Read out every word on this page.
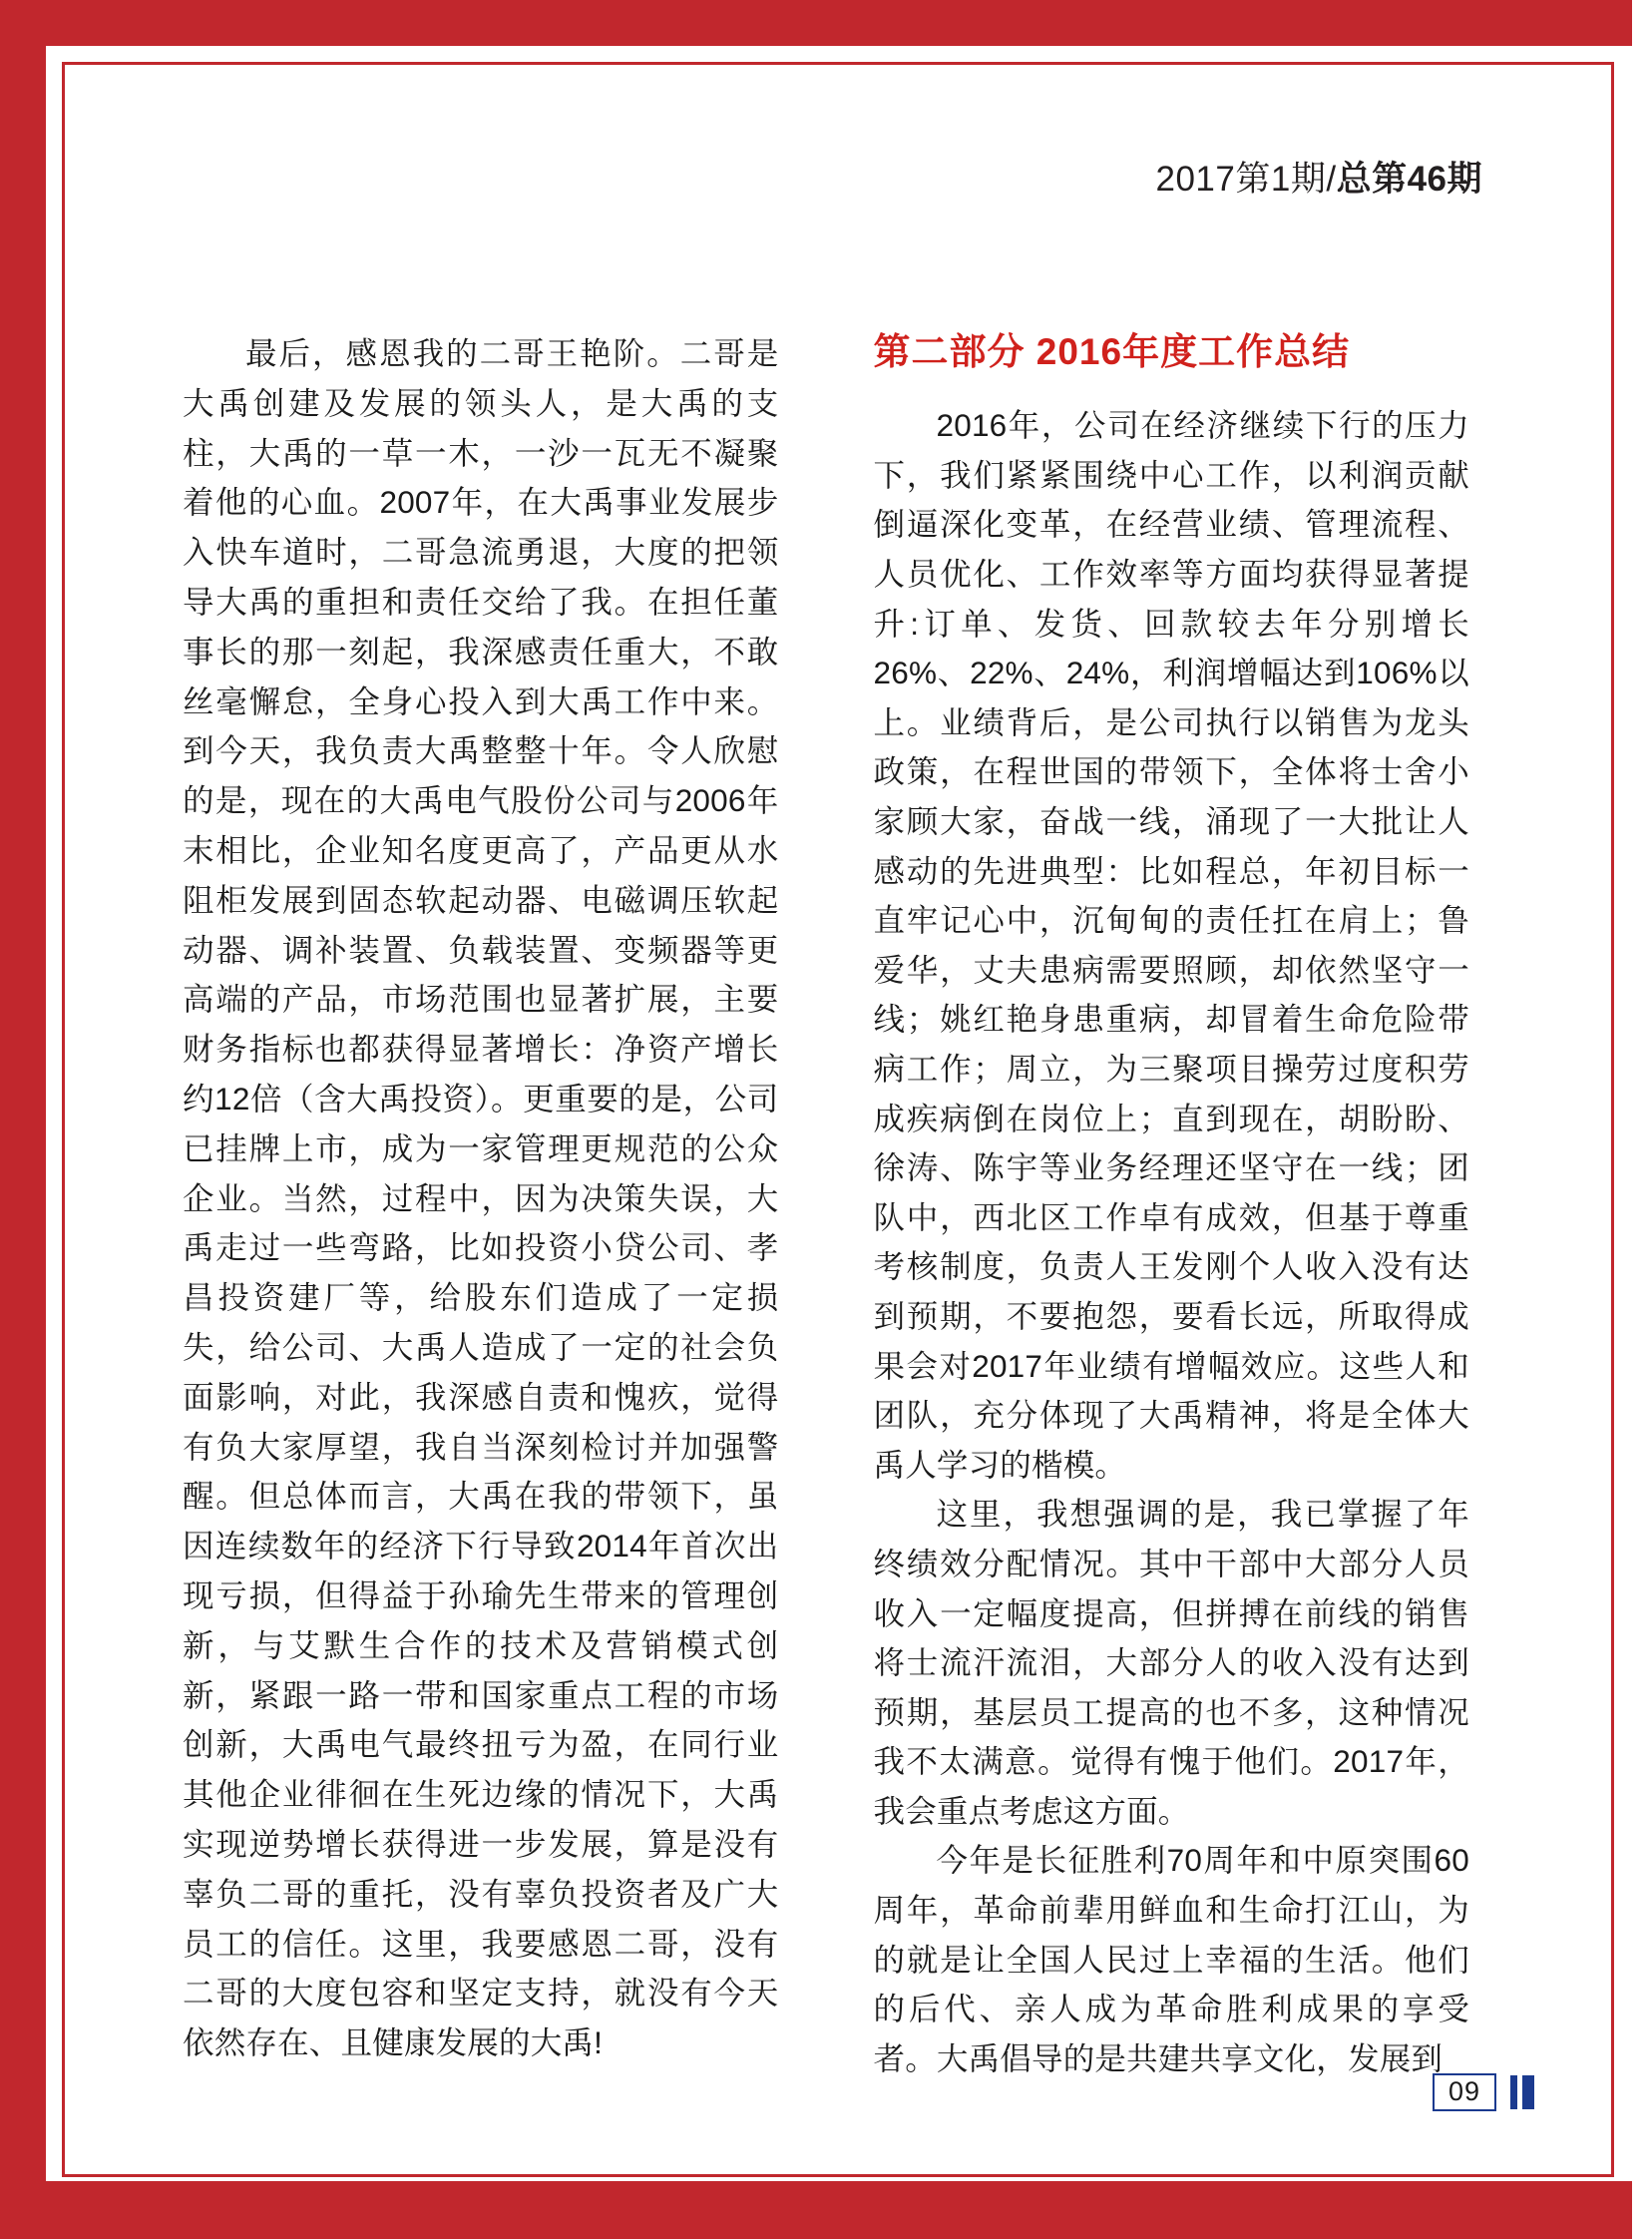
2017第1期/总第46期

最后，感恩我的二哥王艳阶。二哥是大禹创建及发展的领头人，是大禹的支柱，大禹的一草一木，一沙一瓦无不凝聚着他的心血。2007年，在大禹事业发展步入快车道时，二哥急流勇退，大度的把领导大禹的重担和责任交给了我。在担任董事长的那一刻起，我深感责任重大，不敢丝毫懈怠，全身心投入到大禹工作中来。到今天，我负责大禹整整十年。令人欣慰的是，现在的大禹电气股份公司与2006年末相比，企业知名度更高了，产品更从水阻柜发展到固态软起动器、电磁调压软起动器、调补装置、负载装置、变频器等更高端的产品，市场范围也显著扩展，主要财务指标也都获得显著增长：净资产增长约12倍（含大禹投资）。更重要的是，公司已挂牌上市，成为一家管理更规范的公众企业。当然，过程中，因为决策失误，大禹走过一些弯路，比如投资小贷公司、孝昌投资建厂等，给股东们造成了一定损失，给公司、大禹人造成了一定的社会负面影响，对此，我深感自责和愧疚，觉得有负大家厚望，我自当深刻检讨并加强警醒。但总体而言，大禹在我的带领下，虽因连续数年的经济下行导致2014年首次出现亏损，但得益于孙瑜先生带来的管理创新，与艾默生合作的技术及营销模式创新，紧跟一路一带和国家重点工程的市场创新，大禹电气最终扭亏为盈，在同行业其他企业徘徊在生死边缘的情况下，大禹实现逆势增长获得进一步发展，算是没有辜负二哥的重托，没有辜负投资者及广大员工的信任。这里，我要感恩二哥，没有二哥的大度包容和坚定支持，就没有今天依然存在、且健康发展的大禹!

第二部分 2016年度工作总结

2016年，公司在经济继续下行的压力下，我们紧紧围绕中心工作，以利润贡献倒逼深化变革，在经营业绩、管理流程、人员优化、工作效率等方面均获得显著提升:订单、发货、回款较去年分别增长26%、22%、24%，利润增幅达到106%以上。业绩背后，是公司执行以销售为龙头政策，在程世国的带领下，全体将士舍小家顾大家，奋战一线，涌现了一大批让人感动的先进典型：比如程总，年初目标一直牢记心中，沉甸甸的责任扛在肩上；鲁爱华，丈夫患病需要照顾，却依然坚守一线；姚红艳身患重病，却冒着生命危险带病工作；周立，为三聚项目操劳过度积劳成疾病倒在岗位上；直到现在，胡盼盼、徐涛、陈宇等业务经理还坚守在一线；团队中，西北区工作卓有成效，但基于尊重考核制度，负责人王发刚个人收入没有达到预期，不要抱怨，要看长远，所取得成果会对2017年业绩有增幅效应。这些人和团队，充分体现了大禹精神，将是全体大禹人学习的楷模。

这里，我想强调的是，我已掌握了年终绩效分配情况。其中干部中大部分人员收入一定幅度提高，但拼搏在前线的销售将士流汗流泪，大部分人的收入没有达到预期，基层员工提高的也不多，这种情况我不太满意。觉得有愧于他们。2017年，我会重点考虑这方面。

今年是长征胜利70周年和中原突围60周年，革命前辈用鲜血和生命打江山，为的就是让全国人民过上幸福的生活。他们的后代、亲人成为革命胜利成果的享受者。大禹倡导的是共建共享文化，发展到

09
